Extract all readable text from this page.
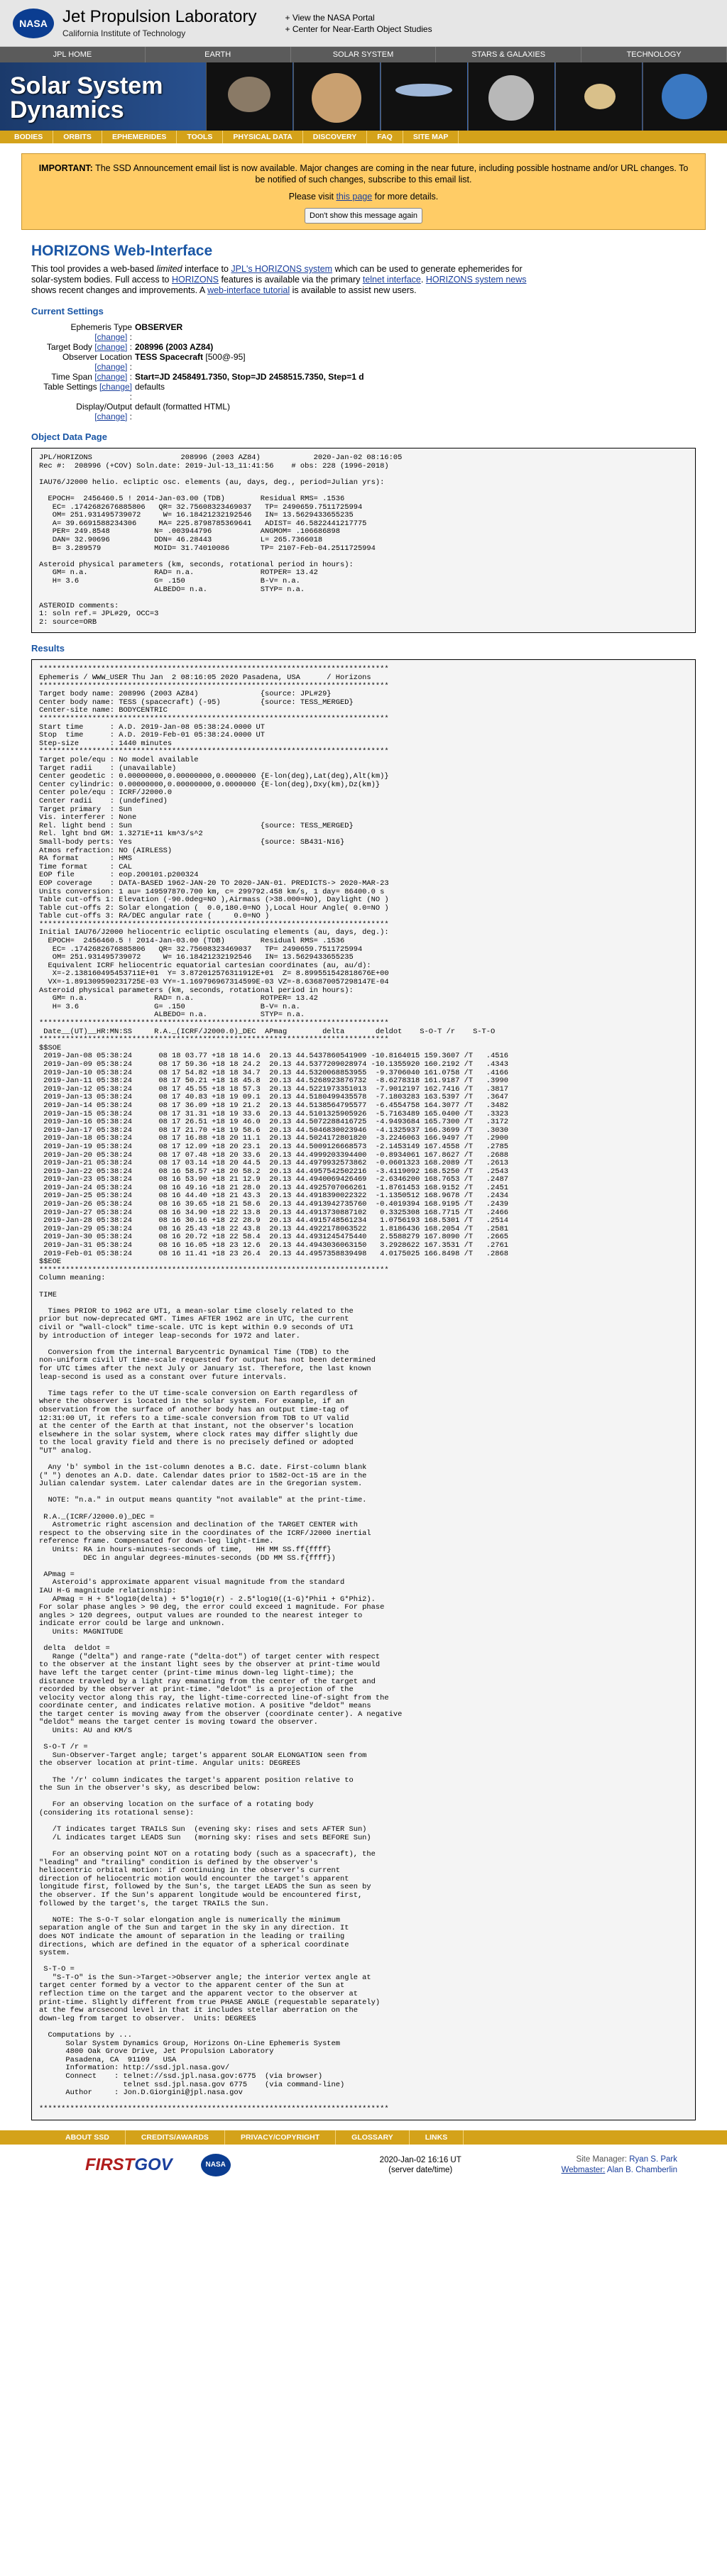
NASA Jet Propulsion Laboratory
California Institute of Technology
+ View the NASA Portal
+ Center for Near-Earth Object Studies
JPL HOME	EARTH	SOLAR SYSTEM	STARS & GALAXIES	TECHNOLOGY
Solar System
Dynamics
BODIES	ORBITS	EPHEMERIDES	TOOLS	PHYSICAL DATA	DISCOVERY	FAQ	SITE MAP

IMPORTANT: The SSD Announcement email list is now available. Major changes are coming in the near future, including possible hostname and/or URL changes. To be notified of such changes, subscribe to this email list.

Please visit this page for more details.

Don't show this message again
HORIZONS Web-Interface
This tool provides a web-based limited interface to JPL's HORIZONS system which can be used to generate ephemerides for solar-system bodies. Full access to HORIZONS features is available via the primary telnet interface. HORIZONS system news shows recent changes and improvements. A web-interface tutorial is available to assist new users.
Current Settings
Ephemeris Type [change] :
OBSERVER
Target Body [change] : 208996 (2003 AZ84)
Observer Location [change] :
TESS Spacecraft [500@-95]
Time Span [change] : Start=JD 2458491.7350, Stop=JD 2458515.7350, Step=1 d
Table Settings [change] :
defaults
Display/Output [change] :
default (formatted HTML)
Object Data Page
JPL/HORIZONS                    208996 (2003 AZ84)            2020-Jan-02 08:16:05
Rec #:  208996 (+COV) Soln.date: 2019-Jul-13_11:41:56    # obs: 228 (1996-2018)

IAU76/J2000 helio. ecliptic osc. elements (au, days, deg., period=Julian yrs):

EPOCH=  2456460.5 ! 2014-Jan-03.00 (TDB)        Residual RMS= .1536
EC= .1742682676885806   QR= 32.75608323469037   TP= 2490659.7511725994
OM= 251.931495739072     W= 16.18421232192546   IN= 13.5629433655235
A= 39.6691588234306     MA= 225.8798785369641   ADIST= 46.5822441217775
PER= 249.8548          N= .003944796           ANGMOM= .106686898
DAN= 32.90696          DDN= 46.28443           L= 265.7366018
B= 3.289579            MOID= 31.74010086       TP= 2107-Feb-04.2511725994

Asteroid physical parameters (km, seconds, rotational period in hours):
GM= n.a.               RAD= n.a.               ROTPER= 13.42
H= 3.6                 G= .150                 B-V= n.a.
ALBEDO= n.a.            STYP= n.a.

ASTEROID comments:
1: soln ref.= JPL#29, OCC=3
2: source=ORB
Results
*******************************************************************************
Ephemeris / WWW_USER Thu Jan  2 08:16:05 2020 Pasadena, USA      / Horizons
*******************************************************************************
Target body name: 208996 (2003 AZ84)              {source: JPL#29}
Center body name: TESS (spacecraft) (-95)         {source: TESS_MERGED}
Center-site name: BODYCENTRIC
*******************************************************************************
Start time      : A.D. 2019-Jan-08 05:38:24.0000 UT
Stop  time      : A.D. 2019-Feb-01 05:38:24.0000 UT
Step-size       : 1440 minutes
*******************************************************************************
Target pole/equ : No model available
Target radii    : (unavailable)
Center geodetic : 0.00000000,0.00000000,0.0000000 {E-lon(deg),Lat(deg),Alt(km)}
Center cylindric: 0.00000000,0.00000000,0.0000000 {E-lon(deg),Dxy(km),Dz(km)}
Center pole/equ : ICRF/J2000.0
Center radii    : (undefined)
Target primary  : Sun
Vis. interferer : None
Rel. light bend : Sun                             {source: TESS_MERGED}
Rel. lght bnd GM: 1.3271E+11 km^3/s^2
Small-body perts: Yes                             {source: SB431-N16}
Atmos refraction: NO (AIRLESS)
RA format       : HMS
Time format     : CAL
EOP file        : eop.200101.p200324
EOP coverage    : DATA-BASED 1962-JAN-20 TO 2020-JAN-01. PREDICTS-> 2020-MAR-23
Units conversion: 1 au= 149597870.700 km, c= 299792.458 km/s, 1 day= 86400.0 s
Table cut-offs 1: Elevation (-90.0deg=NO ),Airmass (>38.000=NO), Daylight (NO )
Table cut-offs 2: Solar elongation (  0.0,180.0=NO ),Local Hour Angle( 0.0=NO )
Table cut-offs 3: RA/DEC angular rate (     0.0=NO )
*******************************************************************************
Initial IAU76/J2000 heliocentric ecliptic osculating elements (au, days, deg.):
EPOCH=  2456460.5 ! 2014-Jan-03.00 (TDB)        Residual RMS= .1536
EC= .1742682676885806   QR= 32.75608323469037   TP= 2490659.7511725994
OM= 251.931495739072     W= 16.18421232192546   IN= 13.5629433655235
Equivalent ICRF heliocentric equatorial cartesian coordinates (au, au/d):
X=-2.138160495453711E+01  Y= 3.872012576311912E+01  Z= 8.899551542818676E+00
VX=-1.891309590231725E-03 VY=-1.169796967314599E-03 VZ=-8.636870057298147E-04
Asteroid physical parameters (km, seconds, rotational period in hours):
GM= n.a.               RAD= n.a.               ROTPER= 13.42
H= 3.6                 G= .150                 B-V= n.a.
ALBEDO= n.a.            STYP= n.a.
*******************************************************************************
Date__(UT)__HR:MN:SS     R.A._(ICRF/J2000.0)_DEC  APmag        delta       deldot    S-O-T /r    S-T-O
*******************************************************************************
$$SOE
2019-Jan-08 05:38:24      08 18 03.77 +18 18 14.6  20.13 44.5437860541909 -10.8164015 159.3607 /T   .4516
2019-Jan-09 05:38:24      08 17 59.36 +18 18 24.2  20.13 44.5377209028974 -10.1355920 160.2192 /T   .4343
2019-Jan-10 05:38:24      08 17 54.82 +18 18 34.7  20.13 44.5320068853955  -9.3706040 161.0758 /T   .4166
2019-Jan-11 05:38:24      08 17 50.21 +18 18 45.8  20.13 44.5268923876732  -8.6278318 161.9187 /T   .3990
2019-Jan-12 05:38:24      08 17 45.55 +18 18 57.3  20.13 44.5221973351013  -7.9012197 162.7416 /T   .3817
2019-Jan-13 05:38:24      08 17 40.83 +18 19 09.1  20.13 44.5180499435578  -7.1803283 163.5397 /T   .3647
2019-Jan-14 05:38:24      08 17 36.09 +18 19 21.2  20.13 44.5138564795577  -6.4554758 164.3077 /T   .3482
2019-Jan-15 05:38:24      08 17 31.31 +18 19 33.6  20.13 44.5101325905926  -5.7163489 165.0400 /T   .3323
2019-Jan-16 05:38:24      08 17 26.51 +18 19 46.0  20.13 44.5072288416725  -4.9493684 165.7300 /T   .3172
2019-Jan-17 05:38:24      08 17 21.70 +18 19 58.6  20.13 44.5046830023946  -4.1325937 166.3699 /T   .3030
2019-Jan-18 05:38:24      08 17 16.88 +18 20 11.1  20.13 44.5024172801820  -3.2246063 166.9497 /T   .2900
2019-Jan-19 05:38:24      08 17 12.09 +18 20 23.1  20.13 44.5009126668573  -2.1453149 167.4558 /T   .2785
2019-Jan-20 05:38:24      08 17 07.48 +18 20 33.6  20.13 44.4999203394400  -0.8934061 167.8627 /T   .2688
2019-Jan-21 05:38:24      08 17 03.14 +18 20 44.5  20.13 44.4979932573862  -0.0601323 168.2089 /T   .2613
2019-Jan-22 05:38:24      08 16 58.57 +18 20 58.2  20.13 44.4957542502216  -3.4119092 168.5250 /T   .2543
2019-Jan-23 05:38:24      08 16 53.90 +18 21 12.9  20.13 44.4940069426469  -2.6346200 168.7653 /T   .2487
2019-Jan-24 05:38:24      08 16 49.16 +18 21 28.0  20.13 44.4925707066261  -1.8761453 168.9152 /T   .2451
2019-Jan-25 05:38:24      08 16 44.40 +18 21 43.3  20.13 44.4918390022322  -1.1350512 168.9678 /T   .2434
2019-Jan-26 05:38:24      08 16 39.65 +18 21 58.6  20.13 44.4913942735760  -0.4019394 168.9195 /T   .2439
2019-Jan-27 05:38:24      08 16 34.90 +18 22 13.8  20.13 44.4913730887102   0.3325308 168.7715 /T   .2466
2019-Jan-28 05:38:24      08 16 30.16 +18 22 28.9  20.13 44.4915748561234   1.0756193 168.5301 /T   .2514
2019-Jan-29 05:38:24      08 16 25.43 +18 22 43.8  20.13 44.4922178063522   1.8186436 168.2054 /T   .2581
2019-Jan-30 05:38:24      08 16 20.72 +18 22 58.4  20.13 44.4931245475440   2.5588279 167.8090 /T   .2665
2019-Jan-31 05:38:24      08 16 16.05 +18 23 12.6  20.13 44.4943036063150   3.2928622 167.3531 /T   .2761
2019-Feb-01 05:38:24      08 16 11.41 +18 23 26.4  20.13 44.4957358839498   4.0175025 166.8498 /T   .2868
$$EOE
*******************************************************************************
Column meaning:

TIME

Times PRIOR to 1962 are UT1, a mean-solar time closely related to the
prior but now-deprecated GMT. Times AFTER 1962 are in UTC, the current
civil or "wall-clock" time-scale. UTC is kept within 0.9 seconds of UT1
by introduction of integer leap-seconds for 1972 and later.

Conversion from the internal Barycentric Dynamical Time (TDB) to the
non-uniform civil UT time-scale requested for output has not been determined
for UTC times after the next July or January 1st. Therefore, the last known
leap-second is used as a constant over future intervals.

Time tags refer to the UT time-scale conversion on Earth regardless of
where the observer is located in the solar system. For example, if an
observation from the surface of another body has an output time-tag of
12:31:00 UT, it refers to a time-scale conversion from TDB to UT valid
at the center of the Earth at that instant, not the observer's location
elsewhere in the solar system, where clock rates may differ slightly due
to the local gravity field and there is no precisely defined or adopted
"UT" analog.

Any 'b' symbol in the 1st-column denotes a B.C. date. First-column blank
(" ") denotes an A.D. date. Calendar dates prior to 1582-Oct-15 are in the
Julian calendar system. Later calendar dates are in the Gregorian system.

NOTE: "n.a." in output means quantity "not available" at the print-time.

R.A._(ICRF/J2000.0)_DEC =
Astrometric right ascension and declination of the TARGET CENTER with
respect to the observing site in the coordinates of the ICRF/J2000 inertial
reference frame. Compensated for down-leg light-time.
Units: RA in hours-minutes-seconds of time,   HH MM SS.ff{ffff}
DEC in angular degrees-minutes-seconds (DD MM SS.f{ffff})

APmag =
Asteroid's approximate apparent visual magnitude from the standard
IAU H-G magnitude relationship:
APmag = H + 5*log10(delta) + 5*log10(r) - 2.5*log10((1-G)*Phi1 + G*Phi2).
For solar phase angles > 90 deg, the error could exceed 1 magnitude. For phase
angles > 120 degrees, output values are rounded to the nearest integer to
indicate error could be large and unknown.
Units: MAGNITUDE

delta  deldot =
Range ("delta") and range-rate ("delta-dot") of target center with respect
to the observer at the instant light sees by the observer at print-time would
have left the target center (print-time minus down-leg light-time); the
distance traveled by a light ray emanating from the center of the target and
recorded by the observer at print-time. "deldot" is a projection of the
velocity vector along this ray, the light-time-corrected line-of-sight from the
coordinate center, and indicates relative motion. A positive "deldot" means
the target center is moving away from the observer (coordinate center). A negative
"deldot" means the target center is moving toward the observer.
Units: AU and KM/S

S-O-T /r =
Sun-Observer-Target angle; target's apparent SOLAR ELONGATION seen from
the observer location at print-time. Angular units: DEGREES

The '/r' column indicates the target's apparent position relative to
the Sun in the observer's sky, as described below:

For an observing location on the surface of a rotating body
(considering its rotational sense):

/T indicates target TRAILS Sun  (evening sky: rises and sets AFTER Sun)
/L indicates target LEADS Sun   (morning sky: rises and sets BEFORE Sun)

For an observing point NOT on a rotating body (such as a spacecraft), the
"leading" and "trailing" condition is defined by the observer's
heliocentric orbital motion: if continuing in the observer's current
direction of heliocentric motion would encounter the target's apparent
longitude first, followed by the Sun's, the target LEADS the Sun as seen by
the observer. If the Sun's apparent longitude would be encountered first,
followed by the target's, the target TRAILS the Sun.

NOTE: The S-O-T solar elongation angle is numerically the minimum
separation angle of the Sun and target in the sky in any direction. It
does NOT indicate the amount of separation in the leading or trailing
directions, which are defined in the equator of a spherical coordinate
system.

S-T-O =
"S-T-O" is the Sun->Target->Observer angle; the interior vertex angle at
target center formed by a vector to the apparent center of the Sun at
reflection time on the target and the apparent vector to the observer at
print-time. Slightly different from true PHASE ANGLE (requestable separately)
at the few arcsecond level in that it includes stellar aberration on the
down-leg from target to observer.  Units: DEGREES

Computations by ...
Solar System Dynamics Group, Horizons On-Line Ephemeris System
4800 Oak Grove Drive, Jet Propulsion Laboratory
Pasadena, CA  91109   USA
Information: http://ssd.jpl.nasa.gov/
Connect    : telnet://ssd.jpl.nasa.gov:6775  (via browser)
telnet ssd.jpl.nasa.gov 6775    (via command-line)
Author     : Jon.D.Giorgini@jpl.nasa.gov

*******************************************************************************
ABOUT SSD	CREDITS/AWARDS	PRIVACY/COPYRIGHT	GLOSSARY	LINKS
FIRSTGOV	NASA
2020-Jan-02 16:16 UT
(server date/time)
Site Manager: Ryan S. Park
Webmaster: Alan B. Chamberlin
